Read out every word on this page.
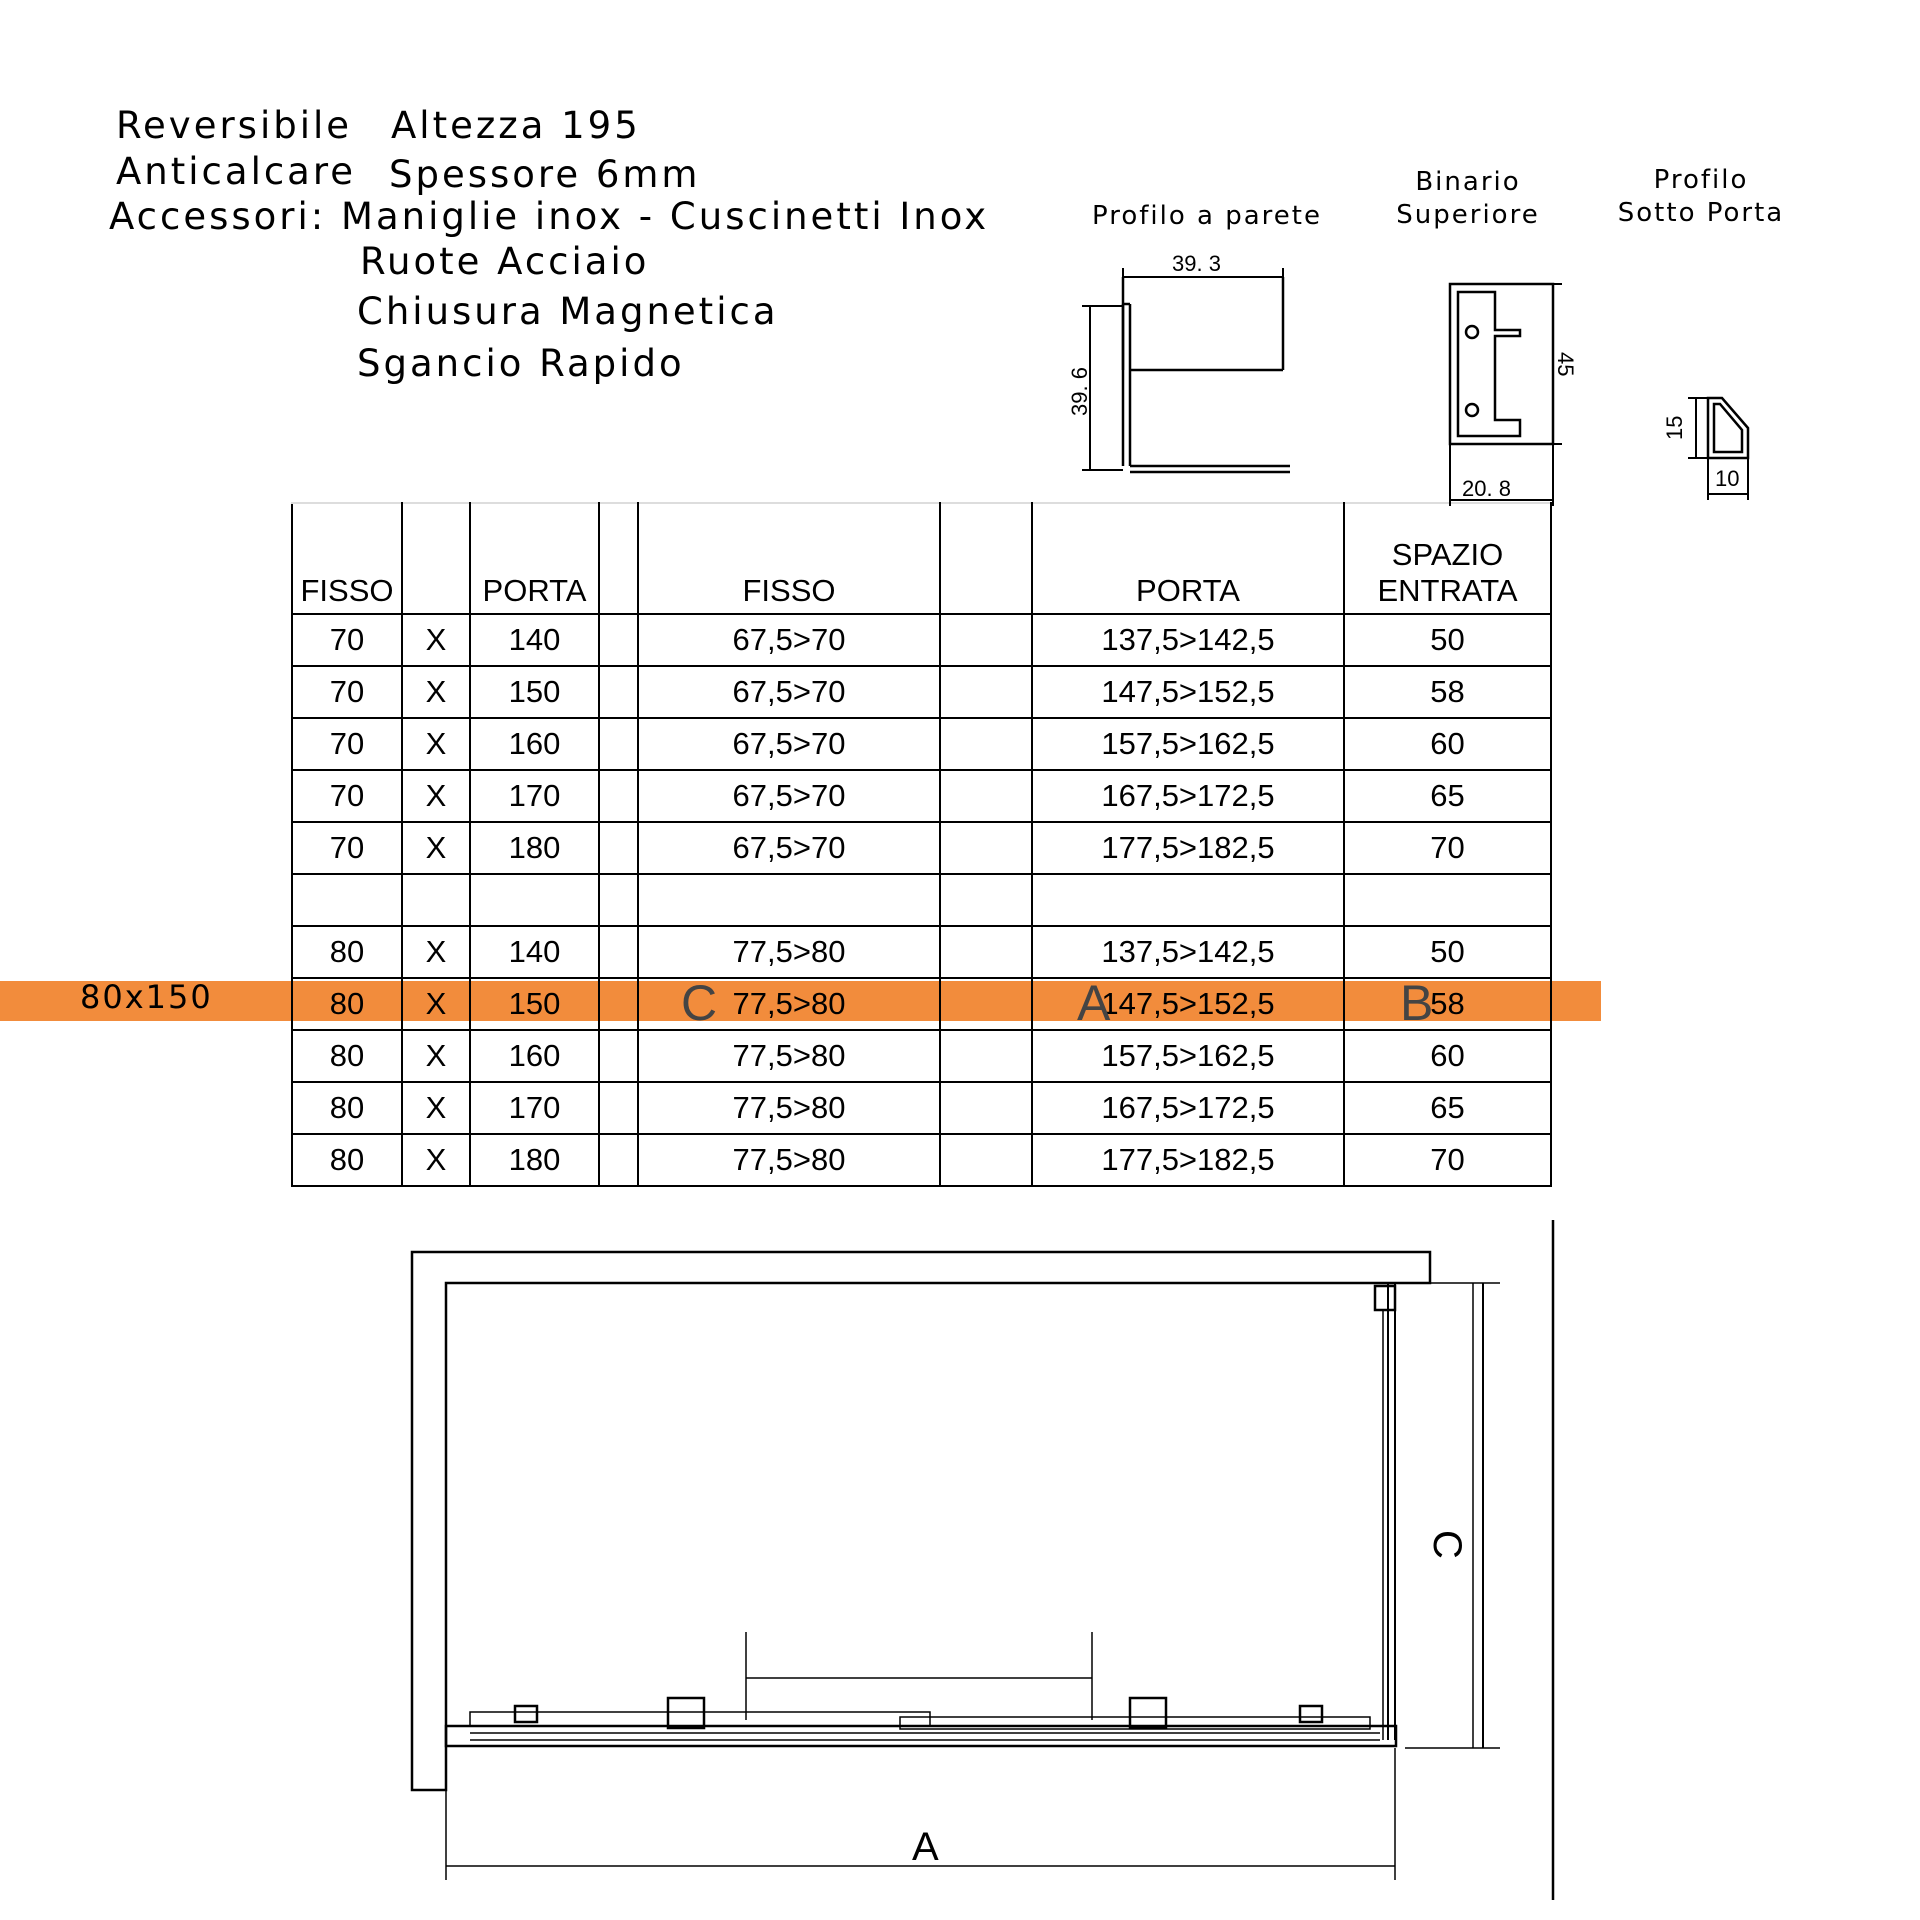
Reversibile Altezza 195
Anticalcare Spessore 6mm
Accessori: Maniglie inox - Cuscinetti Inox
Ruote Acciaio
Chiusura Magnetica
Sgancio Rapido
Profilo a parete
Binario
Superiore
Profilo
Sotto Porta
80x150
FISSO		PORTA		FISSO		PORTA	SPAZIO ENTRATA
70	X	140		67,5>70		137,5>142,5	50
70	X	150		67,5>70		147,5>152,5	58
70	X	160		67,5>70		157,5>162,5	60
70	X	170		67,5>70		167,5>172,5	65
70	X	180		67,5>70		177,5>182,5	70

80	X	140		77,5>80		137,5>142,5	50
80	X	150		77,5>80		147,5>152,5	58
80	X	160		77,5>80		157,5>162,5	60
80	X	170		77,5>80		167,5>172,5	65
80	X	180		77,5>80		177,5>182,5	70
C	A	B
39. 3
39. 6
45
20. 8
15
10
A
C
